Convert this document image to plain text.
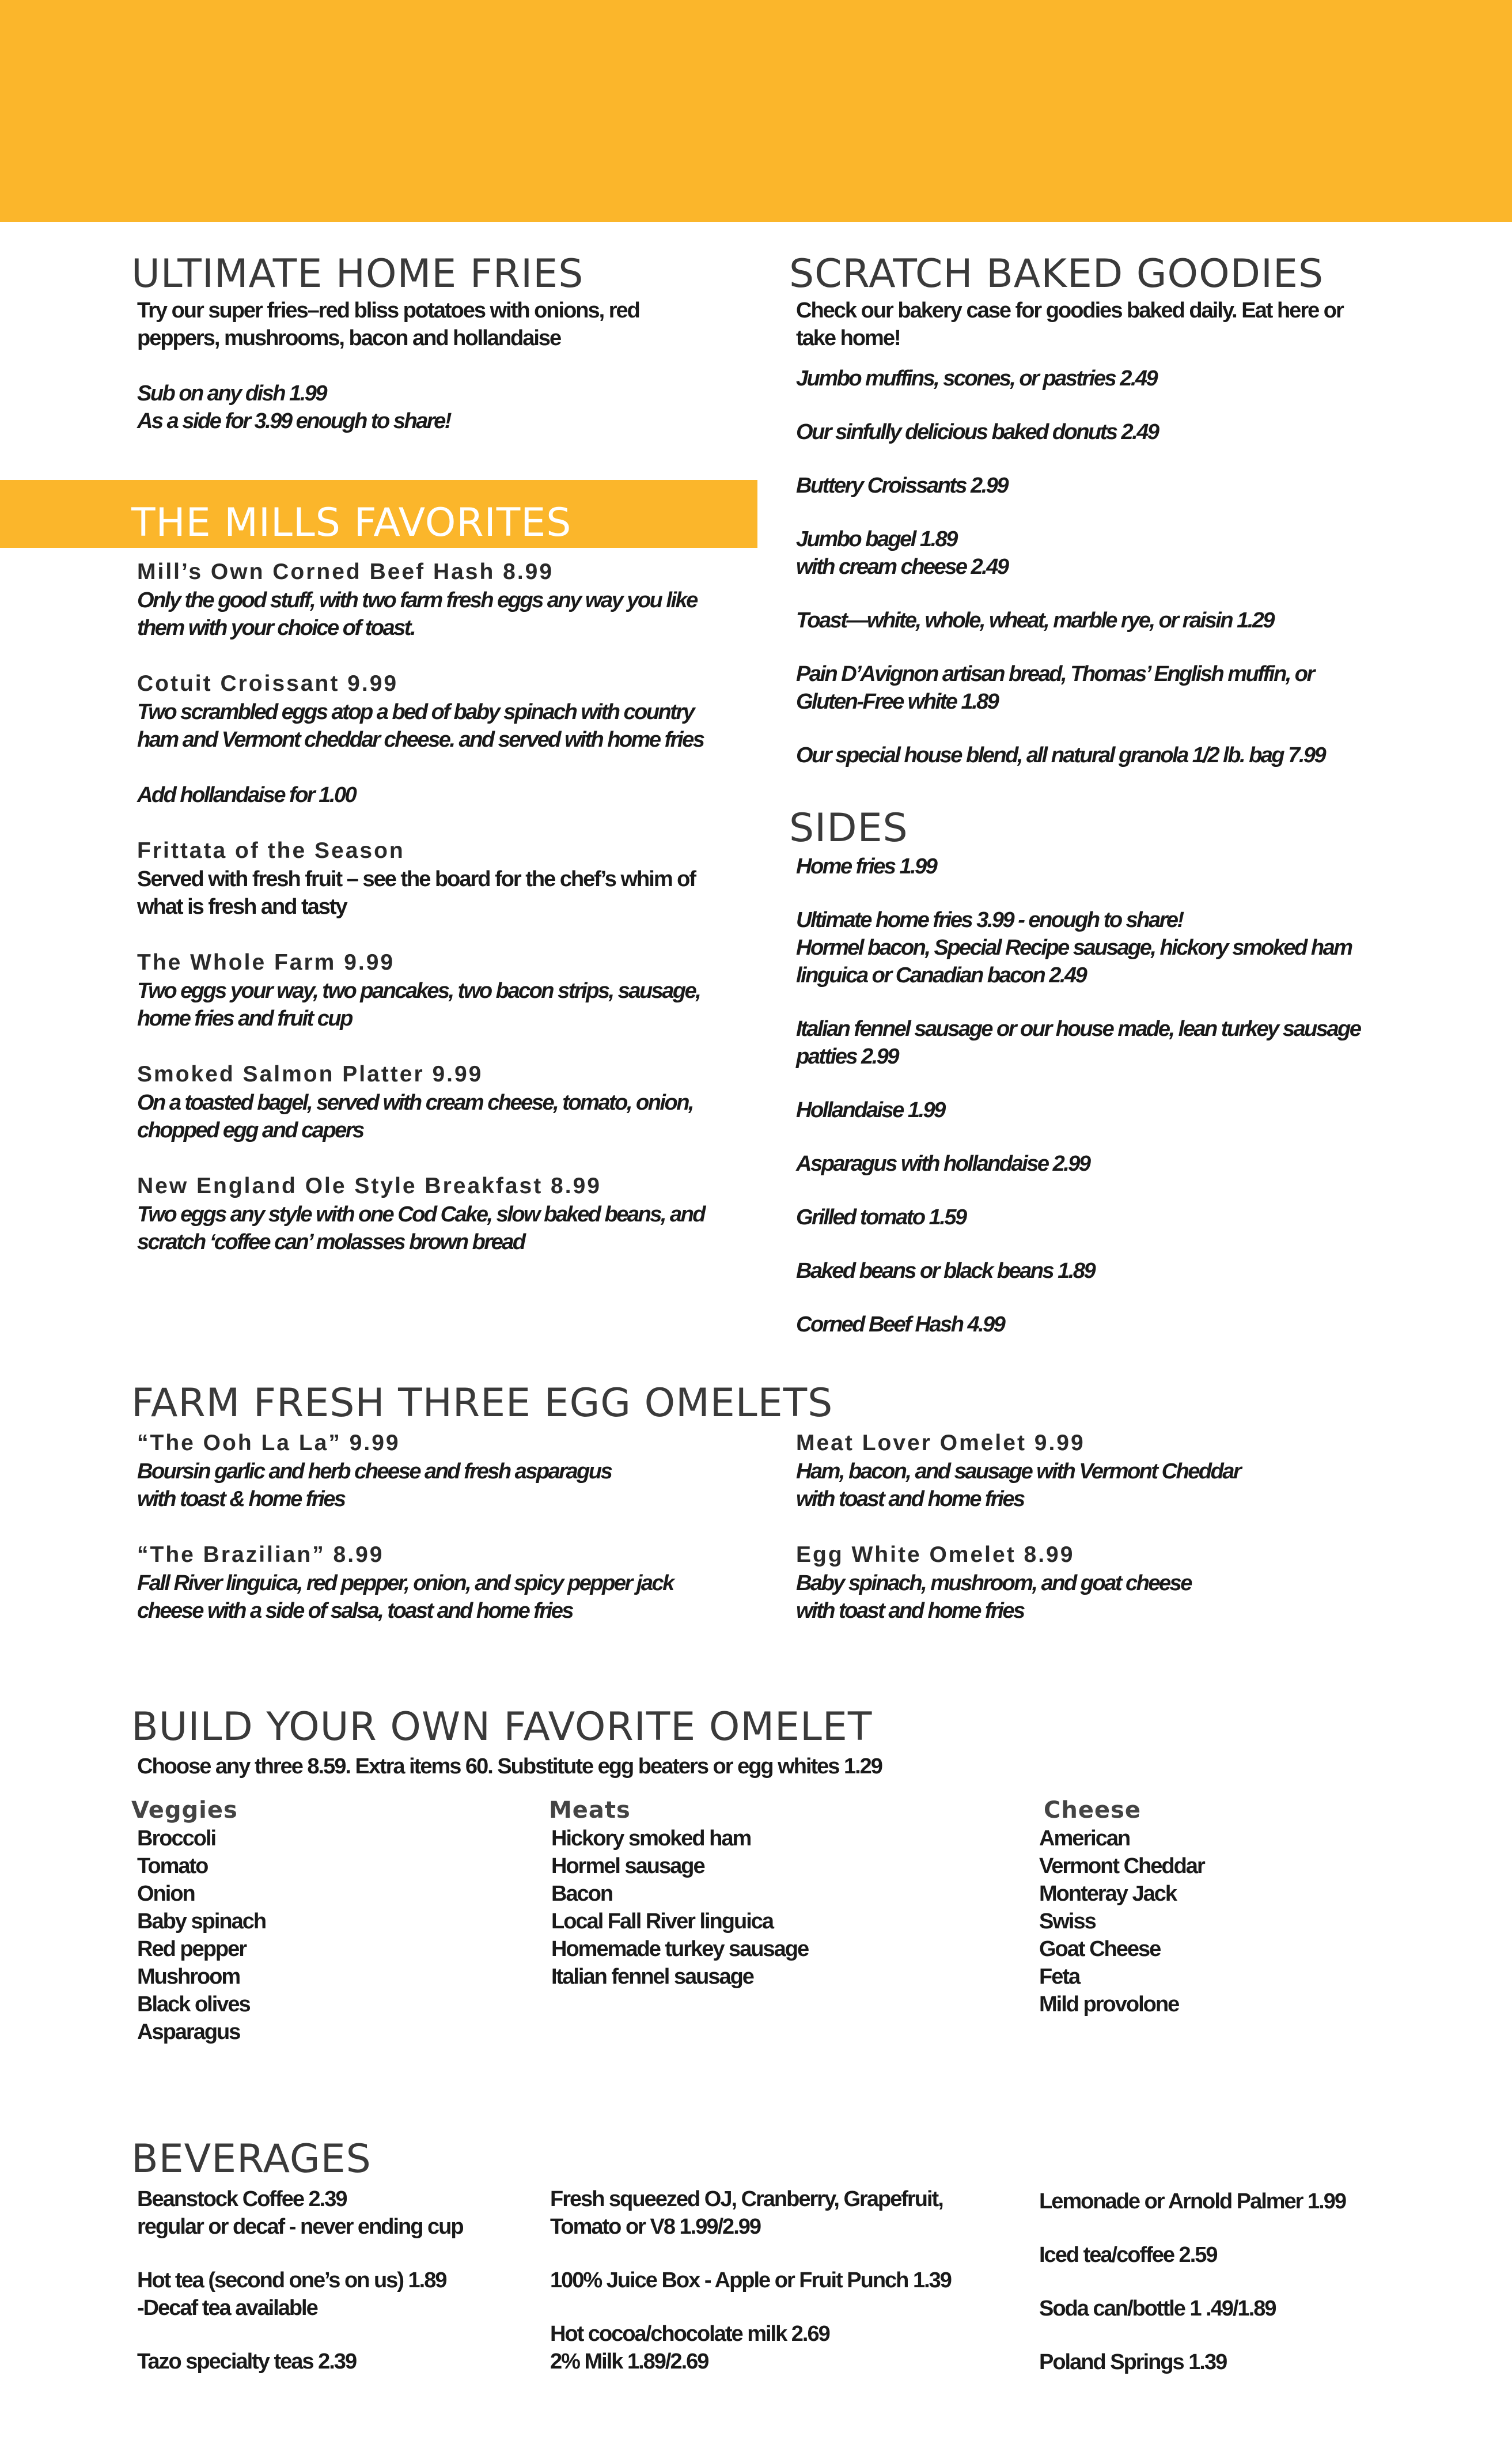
ULTIMATE HOME FRIES

Try our super fries–red bliss potatoes with onions, red
peppers, mushrooms, bacon and hollandaise

Sub on any dish 1.99

As a side for 3.99 enough to share!

THE MILLS FAVORITES

Mill’s Own Corned Beef Hash 8.99

Only the good stuff, with two farm fresh eggs any way you like
them with your choice of toast.

Cotuit Croissant 9.99

Two scrambled eggs atop a bed of baby spinach with country
ham and Vermont cheddar cheese. and served with home fries

Add hollandaise for 1.00

Frittata of the Season

Served with fresh fruit – see the board for the chef’s whim of
what is fresh and tasty

The Whole Farm 9.99

Two eggs your way, two pancakes, two bacon strips, sausage,
home fries and fruit cup

Smoked Salmon Platter 9.99

On a toasted bagel, served with cream cheese, tomato, onion,
chopped egg and capers

New England Ole Style Breakfast 8.99

Two eggs any style with one Cod Cake, slow baked beans, and
scratch ‘coffee can’ molasses brown bread

SCRATCH BAKED GOODIES

Check our bakery case for goodies baked daily. Eat here or
take home!

Jumbo muffins, scones, or pastries 2.49

Our sinfully delicious baked donuts 2.49

Buttery Croissants 2.99

Jumbo bagel 1.89
with cream cheese 2.49

Toast—white, whole, wheat, marble rye, or raisin 1.29

Pain D’Avignon artisan bread, Thomas’ English muffin, or
Gluten-Free white 1.89

Our special house blend, all natural granola 1/2 lb. bag 7.99

SIDES

Home fries 1.99

Ultimate home fries 3.99 - enough to share!
Hormel bacon, Special Recipe sausage, hickory smoked ham
linguica or Canadian bacon 2.49

Italian fennel sausage or our house made, lean turkey sausage
patties 2.99

Hollandaise 1.99

Asparagus with hollandaise 2.99

Grilled tomato 1.59

Baked beans or black beans 1.89

Corned Beef Hash 4.99

FARM FRESH THREE EGG OMELETS

“The Ooh La La” 9.99

Boursin garlic and herb cheese and fresh asparagus
with toast & home fries

“The Brazilian” 8.99

Fall River linguica, red pepper, onion, and spicy pepper jack
cheese with a side of salsa, toast and home fries

Meat Lover Omelet 9.99

Ham, bacon, and sausage with Vermont Cheddar
with toast and home fries

Egg White Omelet 8.99

Baby spinach, mushroom, and goat cheese
with toast and home fries

BUILD YOUR OWN FAVORITE OMELET

Choose any three 8.59. Extra items 60. Substitute egg beaters or egg whites 1.29

Veggies

Broccoli
Tomato
Onion
Baby spinach
Red pepper
Mushroom
Black olives
Asparagus

Meats

Hickory smoked ham
Hormel sausage
Bacon
Local Fall River linguica
Homemade turkey sausage
Italian fennel sausage

Cheese

American
Vermont Cheddar
Monteray Jack
Swiss
Goat Cheese
Feta
Mild provolone
BEVERAGES

Beanstock Coffee 2.39
regular or decaf - never ending cup

Hot tea (second one’s on us) 1.89
-Decaf tea available

Tazo specialty teas 2.39

Fresh squeezed OJ, Cranberry, Grapefruit,
Tomato or V8 1.99/2.99

100% Juice Box - Apple or Fruit Punch 1.39

Hot cocoa/chocolate milk 2.69
2% Milk 1.89/2.69

Lemonade or Arnold Palmer 1.99

Iced tea/coffee 2.59

Soda can/bottle 1 .49/1.89

Poland Springs 1.39
